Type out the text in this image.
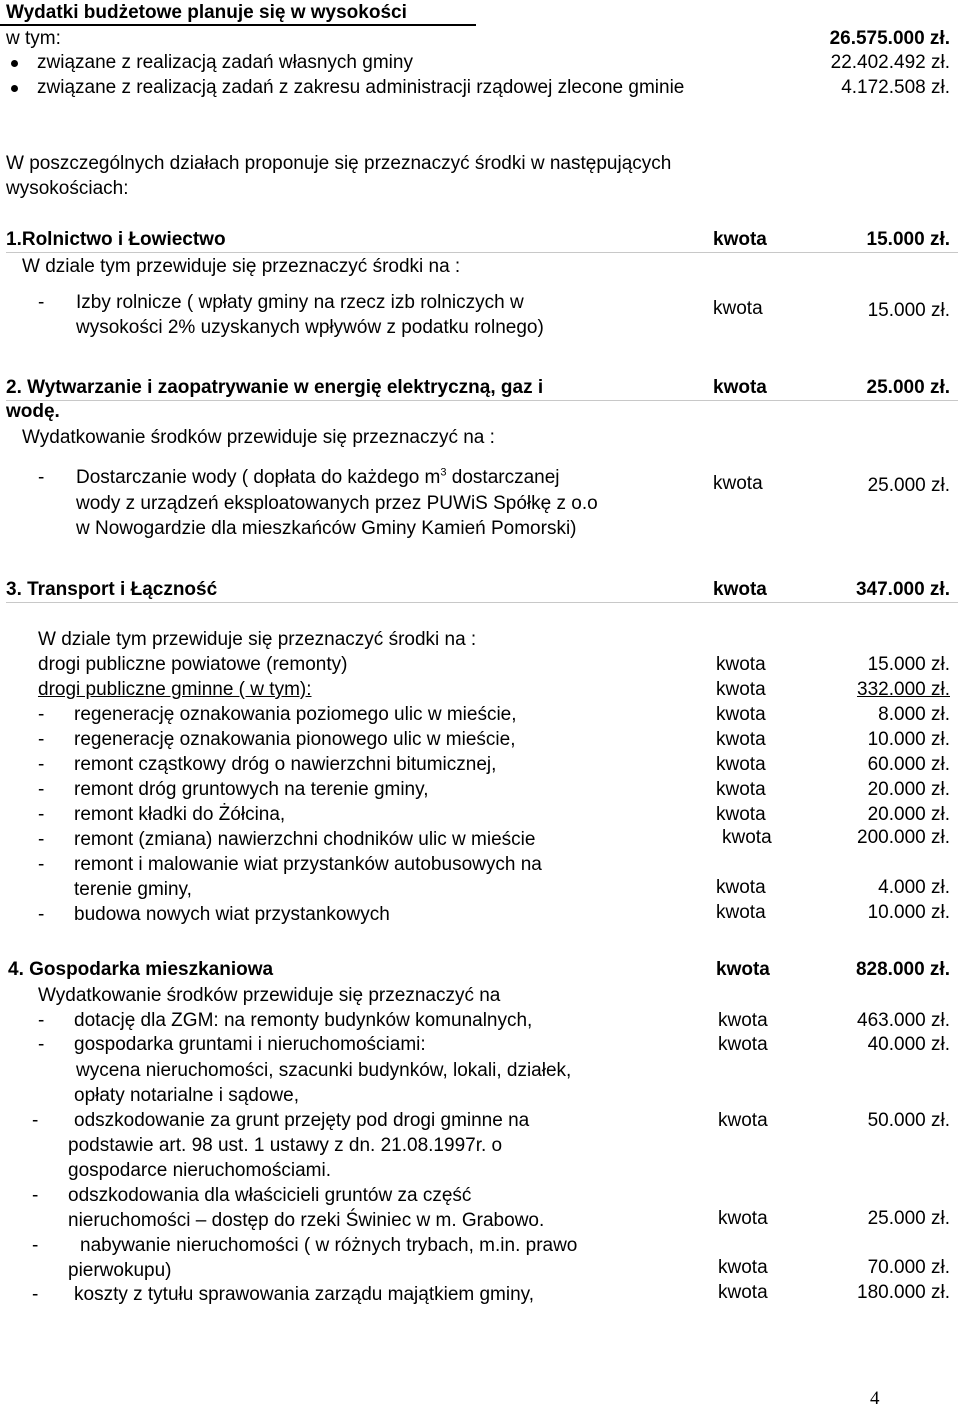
Wydatki budżetowe planuje się w wysokości
w tym:	26.575.000 zł.
związane z realizacją zadań własnych gminy	22.402.492 zł.
związane z realizacją zadań z zakresu administracji rządowej zlecone gminie	4.172.508 zł.
W poszczególnych działach proponuje się przeznaczyć środki w następujących
wysokościach:
1.Rolnictwo i Łowiectwo	kwota	15.000 zł.
W dziale tym przewiduje się przeznaczyć środki na :
- Izby rolnicze ( wpłaty gminy na rzecz izb rolniczych w
wysokości 2% uzyskanych wpływów z podatku rolnego)
kwota	15.000 zł.
2. Wytwarzanie i zaopatrywanie w energię elektryczną, gaz i	kwota	25.000 zł.
wodę.
Wydatkowanie środków przewiduje się przeznaczyć na :
- Dostarczanie wody ( dopłata do każdego $m^3$ dostarczanej
wody z urządzeń eksploatowanych przez PUWiS Spółkę z o.o
w Nowogardzie dla mieszkańców Gminy Kamień Pomorski)
kwota	25.000 zł.
3. Transport i Łączność	kwota	347.000 zł.
W dziale tym przewiduje się przeznaczyć środki na :
drogi publiczne powiatowe (remonty)	kwota	15.000 zł.
drogi publiczne gminne ( w tym):	kwota	332.000 zł.
- regenerację oznakowania poziomego ulic w mieście,	kwota	8.000 zł.
- regenerację oznakowania pionowego ulic w mieście,	kwota	10.000 zł.
- remont cząstkowy dróg o nawierzchni bitumicznej,	kwota	60.000 zł.
- remont dróg gruntowych na terenie gminy,	kwota	20.000 zł.
- remont kładki do Żółcina,	kwota	20.000 zł.
- remont (zmiana) nawierzchni chodników ulic w mieście	kwota	200.000 zł.
- remont i malowanie wiat przystanków autobusowych na
terenie gminy,	kwota	4.000 zł.
- budowa nowych wiat przystankowych	kwota	10.000 zł.
4. Gospodarka mieszkaniowa	kwota	828.000 zł.
Wydatkowanie środków przewiduje się przeznaczyć na
- dotację dla ZGM: na remonty budynków komunalnych,	kwota	463.000 zł.
- gospodarka gruntami i nieruchomościami:	kwota	40.000 zł.
wycena nieruchomości, szacunki budynków, lokali, działek,
opłaty notarialne i sądowe,
- odszkodowanie za grunt przejęty pod drogi gminne na	kwota	50.000 zł.
podstawie art. 98 ust. 1 ustawy z dn. 21.08.1997r. o
gospodarce nieruchomościami.
- odszkodowania dla właścicieli gruntów za część
nieruchomości – dostęp do rzeki Świniec w m. Grabowo.	kwota	25.000 zł.
- nabywanie nieruchomości ( w różnych trybach, m.in. prawo
pierwokupu)	kwota	70.000 zł.
- koszty z tytułu sprawowania zarządu majątkiem gminy,	kwota	180.000 zł.
4
